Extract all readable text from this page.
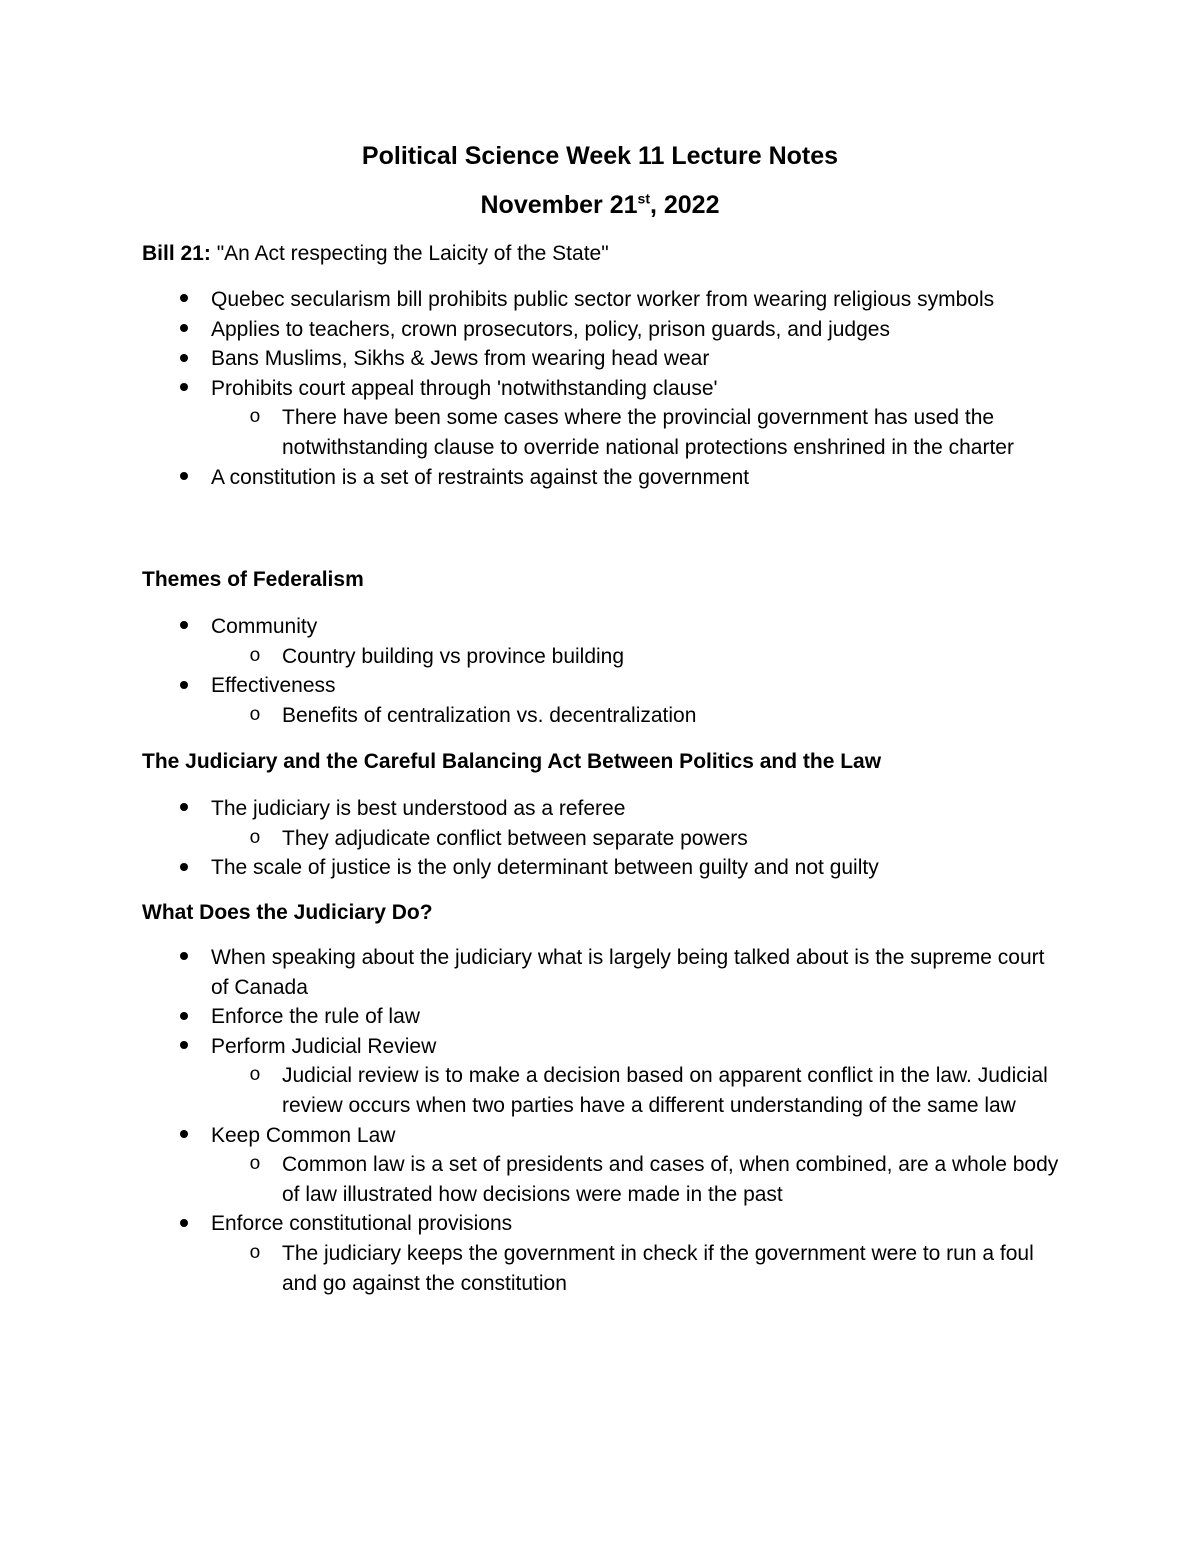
Political Science Week 11 Lecture Notes
November 21st, 2022
Bill 21: "An Act respecting the Laicity of the State"
Quebec secularism bill prohibits public sector worker from wearing religious symbols
Applies to teachers, crown prosecutors, policy, prison guards, and judges
Bans Muslims, Sikhs & Jews from wearing head wear
Prohibits court appeal through 'notwithstanding clause'
o There have been some cases where the provincial government has used the notwithstanding clause to override national protections enshrined in the charter
A constitution is a set of restraints against the government
Themes of Federalism
Community
o Country building vs province building
Effectiveness
o Benefits of centralization vs. decentralization
The Judiciary and the Careful Balancing Act Between Politics and the Law
The judiciary is best understood as a referee
o They adjudicate conflict between separate powers
The scale of justice is the only determinant between guilty and not guilty
What Does the Judiciary Do?
When speaking about the judiciary what is largely being talked about is the supreme court of Canada
Enforce the rule of law
Perform Judicial Review
o Judicial review is to make a decision based on apparent conflict in the law. Judicial review occurs when two parties have a different understanding of the same law
Keep Common Law
o Common law is a set of presidents and cases of, when combined, are a whole body of law illustrated how decisions were made in the past
Enforce constitutional provisions
o The judiciary keeps the government in check if the government were to run a foul and go against the constitution
